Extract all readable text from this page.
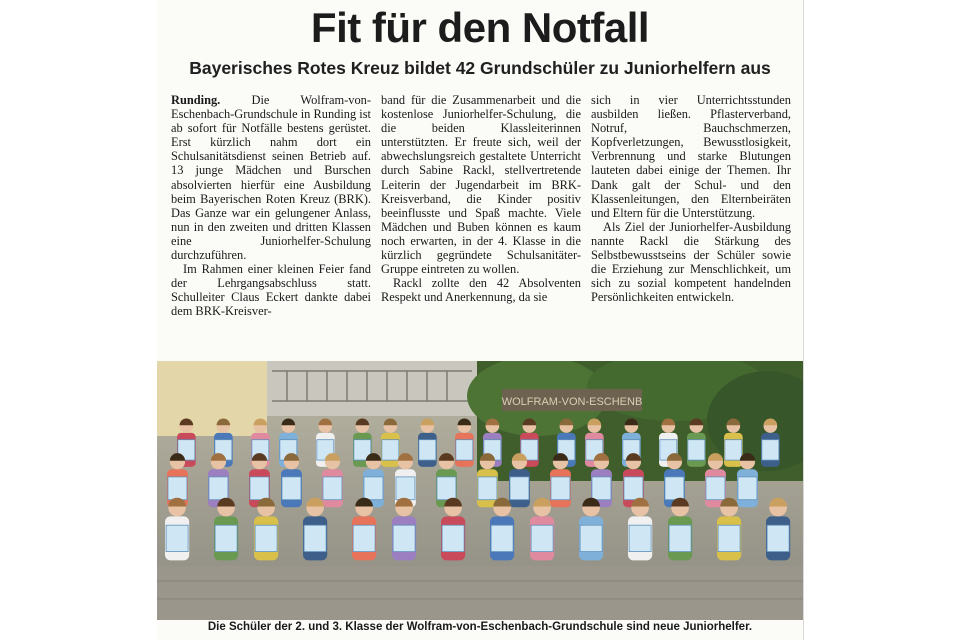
Fit für den Notfall
Bayerisches Rotes Kreuz bildet 42 Grundschüler zu Juniorhelfern aus

Runding.	Die Wolfram-von-Eschenbach-Grundschule in Runding ist ab sofort für Notfälle bestens gerüstet. Erst kürzlich nahm dort ein Schulsanitätsdienst seinen Betrieb auf. 13 junge Mädchen und Burschen absolvierten hierfür eine Ausbildung beim Bayerischen Roten Kreuz (BRK). Das Ganze war ein gelungener Anlass, nun in den zweiten und dritten Klassen eine Juniorhelfer-Schulung durchzuführen.

Im Rahmen einer kleinen Feier fand der Lehrgangsabschluss statt. Schulleiter Claus Eckert dankte dabei dem BRK-Kreisver-

band für die Zusammenarbeit und die kostenlose Juniorhelfer-Schulung, die die beiden Klassleiterinnen unterstützten. Er freute sich, weil der abwechslungsreich gestaltete Unterricht durch Sabine Rackl, stellvertretende Leiterin der Jugendarbeit im BRK-Kreisverband, die Kinder positiv beeinflusste und Spaß machte. Viele Mädchen und Buben können es kaum noch erwarten, in der 4. Klasse in die kürzlich gegründete Schulsanitäter-Gruppe eintreten zu wollen.

Rackl zollte den 42 Absolventen Respekt und Anerkennung, da sie

sich in vier Unterrichtsstunden ausbilden ließen. Pflasterverband, Notruf, Bauchschmerzen, Kopfverletzungen, Bewusstlosigkeit, Verbrennung und starke Blutungen lauteten dabei einige der Themen. Ihr Dank galt der Schul- und den Klassenleitungen, den Elternbeiräten und Eltern für die Unterstützung.

Als Ziel der Juniorhelfer-Ausbildung nannte Rackl die Stärkung des Selbstbewusstseins der Schüler sowie die Erziehung zur Menschlichkeit, um sich zu sozial kompetent handelnden Persönlichkeiten entwickeln.

WOLFRAM-VON-ESCHENB
Die Schüler der 2. und 3. Klasse der Wolfram-von-Eschenbach-Grundschule sind neue Juniorhelfer.
